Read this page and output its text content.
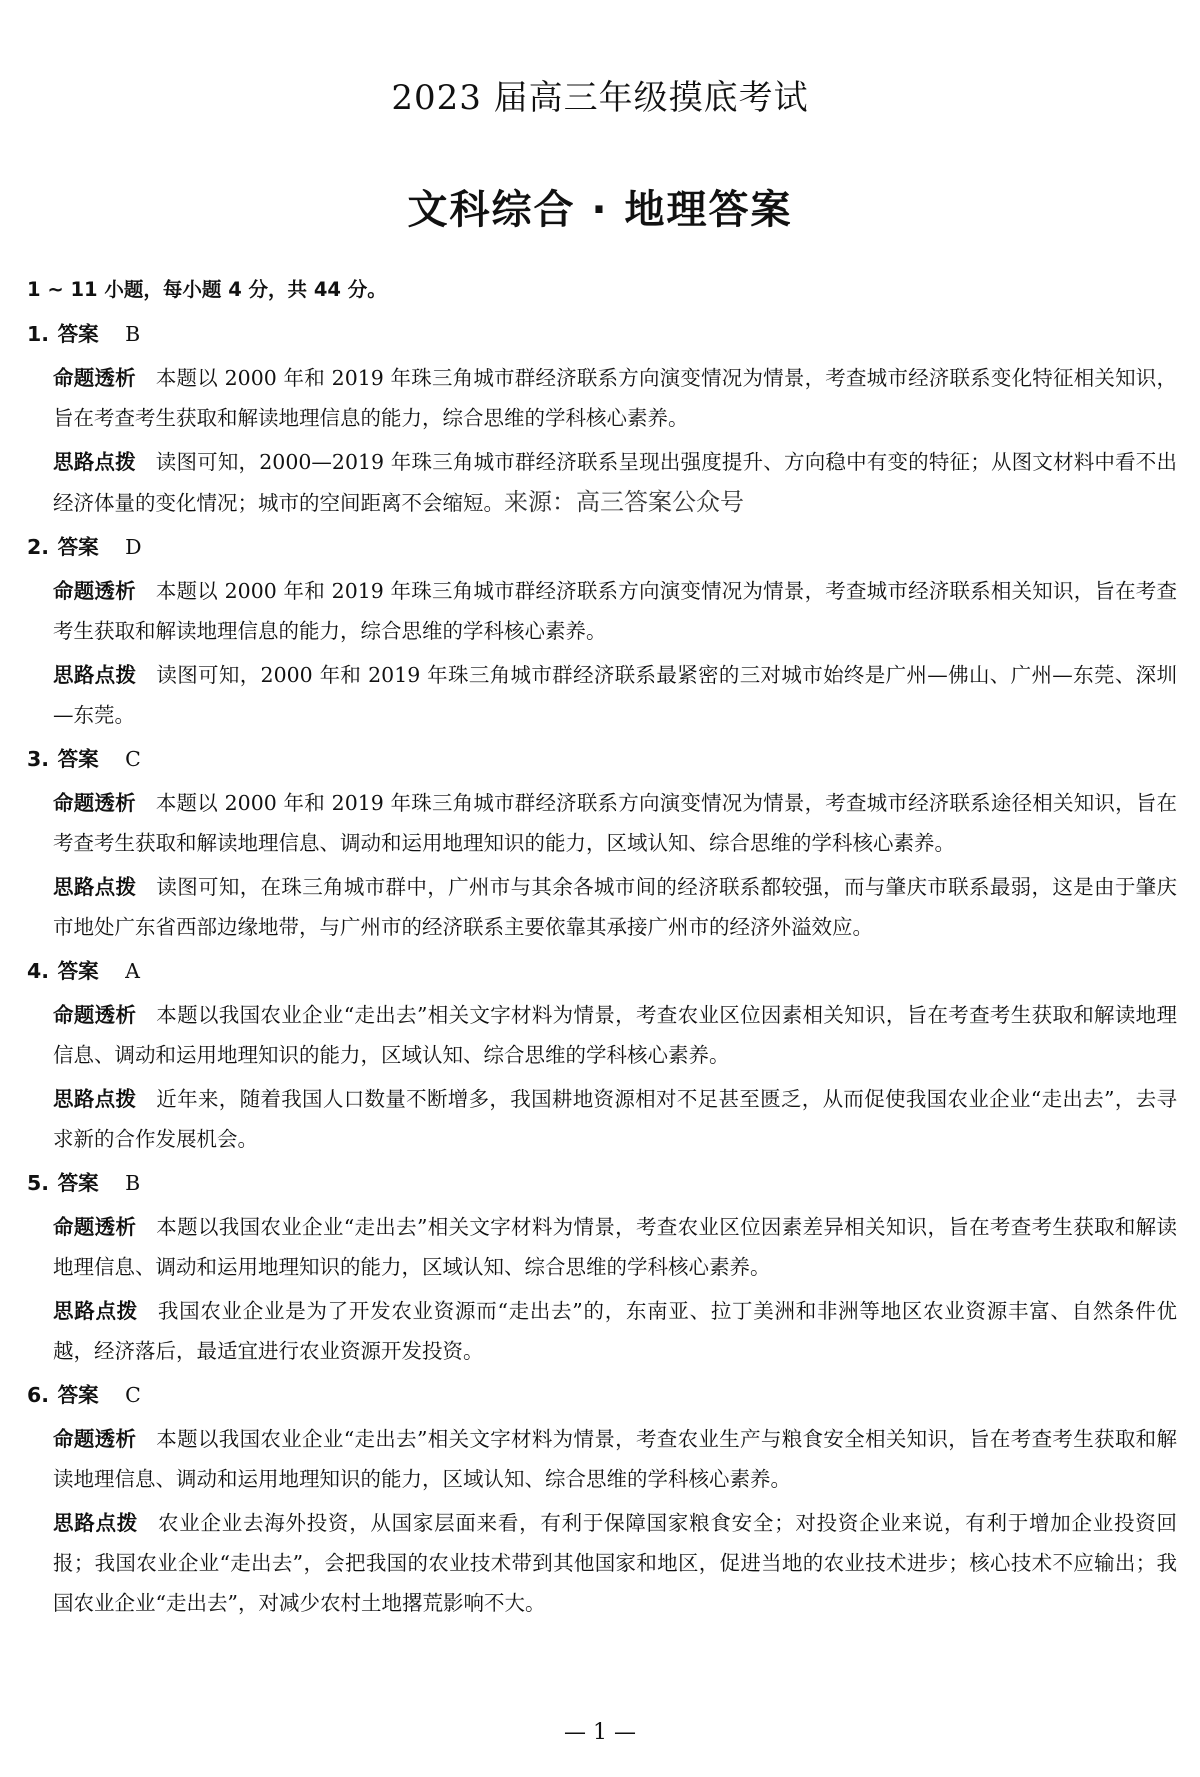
2023 届高三年级摸底考试
文科综合 · 地理答案
1 ~ 11 小题，每小题 4 分，共 44 分。
1. 答案 B
命题透析 本题以 2000 年和 2019 年珠三角城市群经济联系方向演变情况为情景，考查城市经济联系变化特征相关知识，旨在考查考生获取和解读地理信息的能力，综合思维的学科核心素养。
思路点拨 读图可知，2000—2019 年珠三角城市群经济联系呈现出强度提升、方向稳中有变的特征；从图文材料中看不出经济体量的变化情况；城市的空间距离不会缩短。来源：高三答案公众号
2. 答案 D
命题透析 本题以 2000 年和 2019 年珠三角城市群经济联系方向演变情况为情景，考查城市经济联系相关知识，旨在考查考生获取和解读地理信息的能力，综合思维的学科核心素养。
思路点拨 读图可知，2000 年和 2019 年珠三角城市群经济联系最紧密的三对城市始终是广州—佛山、广州—东莞、深圳—东莞。
3. 答案 C
命题透析 本题以 2000 年和 2019 年珠三角城市群经济联系方向演变情况为情景，考查城市经济联系途径相关知识，旨在考查考生获取和解读地理信息、调动和运用地理知识的能力，区域认知、综合思维的学科核心素养。
思路点拨 读图可知，在珠三角城市群中，广州市与其余各城市间的经济联系都较强，而与肇庆市联系最弱，这是由于肇庆市地处广东省西部边缘地带，与广州市的经济联系主要依靠其承接广州市的经济外溢效应。
4. 答案 A
命题透析 本题以我国农业企业“走出去”相关文字材料为情景，考查农业区位因素相关知识，旨在考查考生获取和解读地理信息、调动和运用地理知识的能力，区域认知、综合思维的学科核心素养。
思路点拨 近年来，随着我国人口数量不断增多，我国耕地资源相对不足甚至匮乏，从而促使我国农业企业“走出去”，去寻求新的合作发展机会。
5. 答案 B
命题透析 本题以我国农业企业“走出去”相关文字材料为情景，考查农业区位因素差异相关知识，旨在考查考生获取和解读地理信息、调动和运用地理知识的能力，区域认知、综合思维的学科核心素养。
思路点拨 我国农业企业是为了开发农业资源而“走出去”的，东南亚、拉丁美洲和非洲等地区农业资源丰富、自然条件优越，经济落后，最适宜进行农业资源开发投资。
6. 答案 C
命题透析 本题以我国农业企业“走出去”相关文字材料为情景，考查农业生产与粮食安全相关知识，旨在考查考生获取和解读地理信息、调动和运用地理知识的能力，区域认知、综合思维的学科核心素养。
思路点拨 农业企业去海外投资，从国家层面来看，有利于保障国家粮食安全；对投资企业来说，有利于增加企业投资回报；我国农业企业“走出去”，会把我国的农业技术带到其他国家和地区，促进当地的农业技术进步；核心技术不应输出；我国农业企业“走出去”，对减少农村土地撂荒影响不大。
— 1 —
